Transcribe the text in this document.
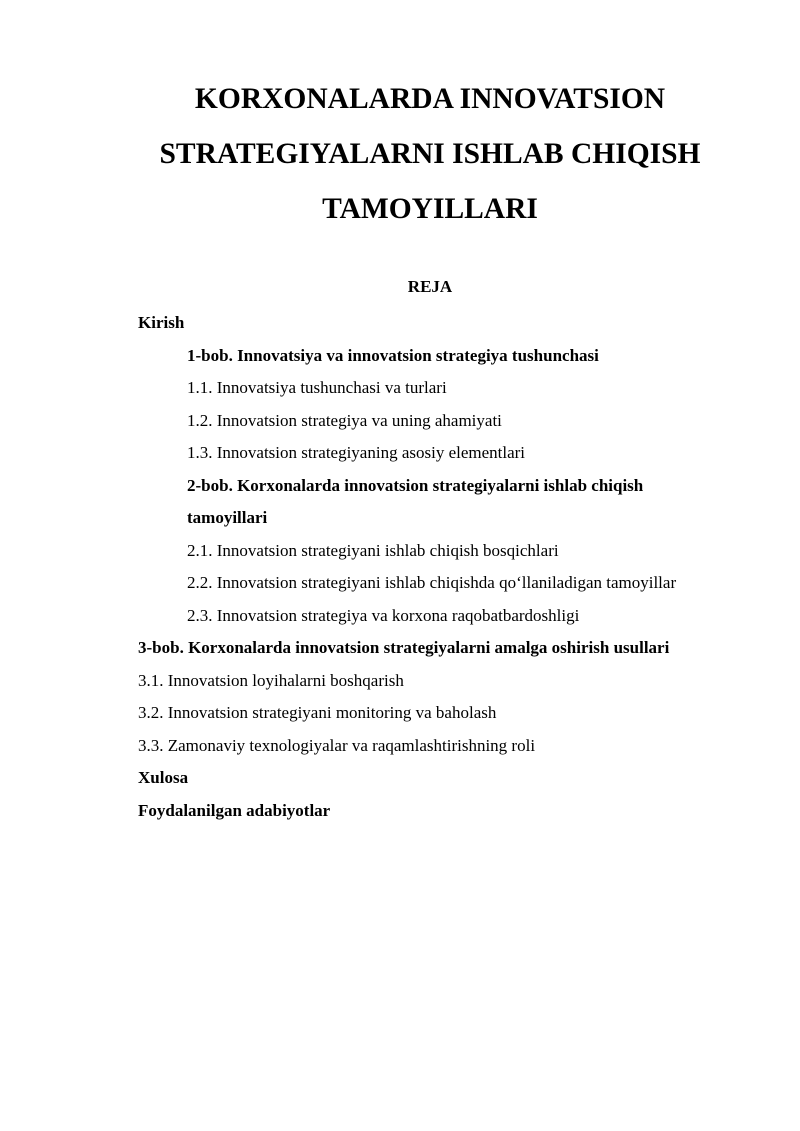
KORXONALARDA INNOVATSION
STRATEGIYALARNI ISHLAB CHIQISH
TAMOYILLARI
REJA
Kirish
1-bob. Innovatsiya va innovatsion strategiya tushunchasi
1.1. Innovatsiya tushunchasi va turlari
1.2. Innovatsion strategiya va uning ahamiyati
1.3. Innovatsion strategiyaning asosiy elementlari
2-bob. Korxonalarda innovatsion strategiyalarni ishlab chiqish
tamoyillari
2.1. Innovatsion strategiyani ishlab chiqish bosqichlari
2.2. Innovatsion strategiyani ishlab chiqishda qo‘llaniladigan tamoyillar
2.3. Innovatsion strategiya va korxona raqobatbardoshligi
3-bob. Korxonalarda innovatsion strategiyalarni amalga oshirish usullari
3.1. Innovatsion loyihalarni boshqarish
3.2. Innovatsion strategiyani monitoring va baholash
3.3. Zamonaviy texnologiyalar va raqamlashtirishning roli
Xulosa
Foydalanilgan adabiyotlar
